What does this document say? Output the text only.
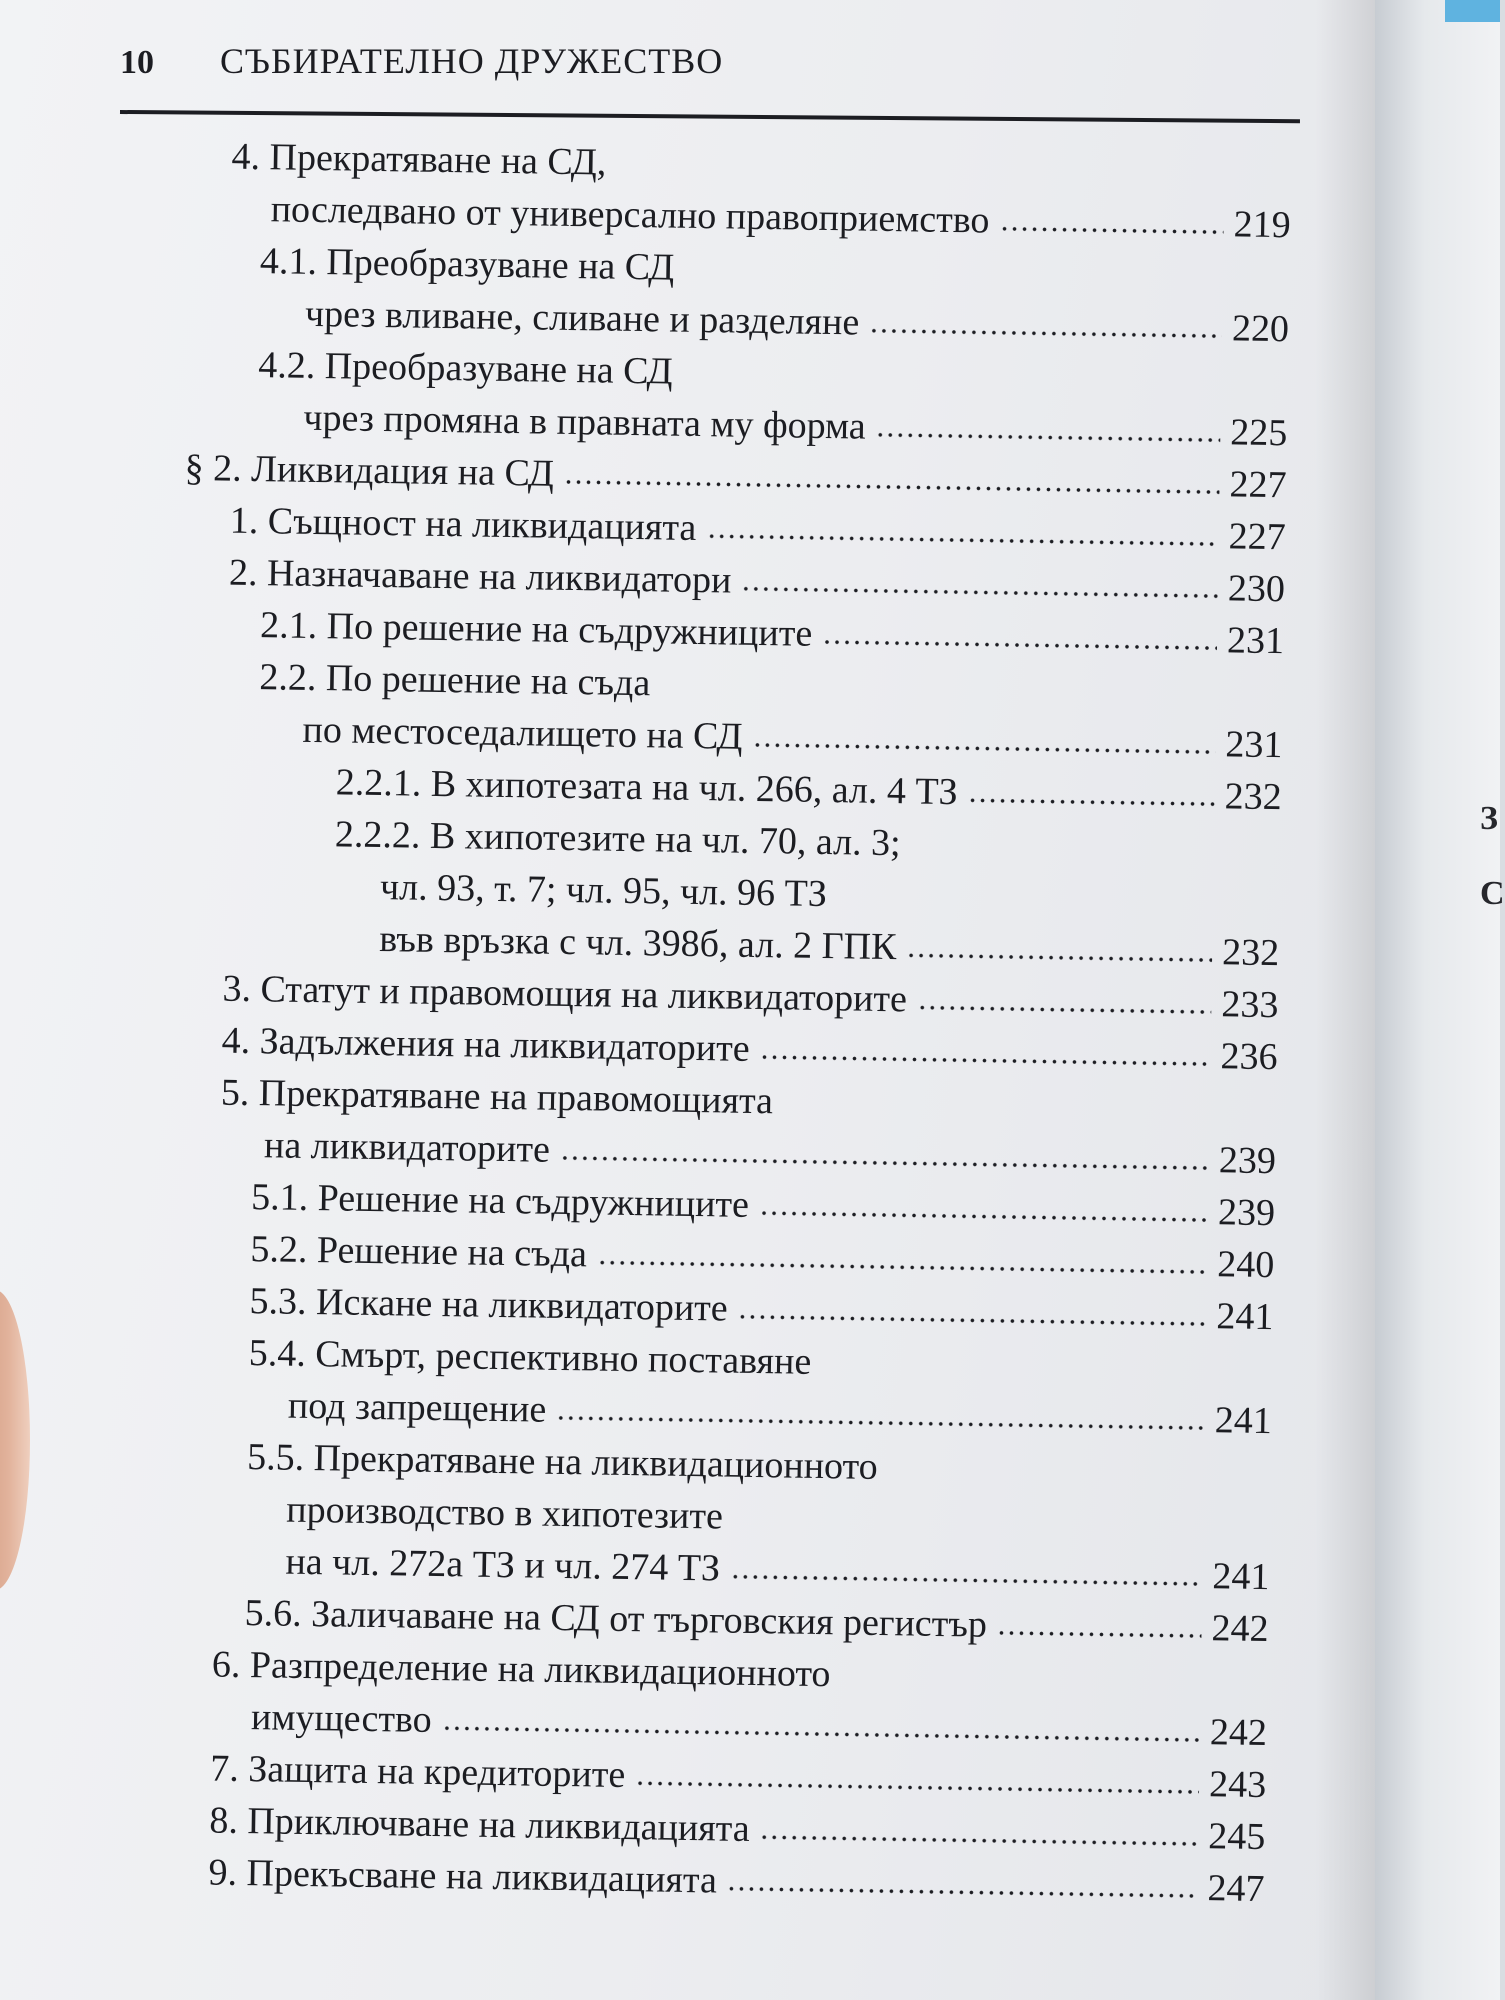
10 СЪБИРАТЕЛНО ДРУЖЕСТВО
4. Прекратяване на СД,
последвано от универсално правоприемство	219
4.1. Преобразуване на СД
чрез вливане, сливане и разделяне	220
4.2. Преобразуване на СД
чрез промяна в правната му форма	225
§ 2. Ликвидация на СД	227
1. Същност на ликвидацията	227
2. Назначаване на ликвидатори	230
2.1. По решение на съдружниците	231
2.2. По решение на съда
по местоседалището на СД	231
2.2.1. В хипотезата на чл. 266, ал. 4 ТЗ	232
2.2.2. В хипотезите на чл. 70, ал. 3;
чл. 93, т. 7; чл. 95, чл. 96 ТЗ
във връзка с чл. 398б, ал. 2 ГПК	232
3. Статут и правомощия на ликвидаторите	233
4. Задължения на ликвидаторите	236
5. Прекратяване на правомощията
на ликвидаторите	239
5.1. Решение на съдружниците	239
5.2. Решение на съда	240
5.3. Искане на ликвидаторите	241
5.4. Смърт, респективно поставяне
под запрещение	241
5.5. Прекратяване на ликвидационното
производство в хипотезите
на чл. 272а ТЗ и чл. 274 ТЗ	241
5.6. Заличаване на СД от търговския регистър	242
6. Разпределение на ликвидационното
имущество	242
7. Защита на кредиторите	243
8. Приключване на ликвидацията	245
9. Прекъсване на ликвидацията	247
З
С
